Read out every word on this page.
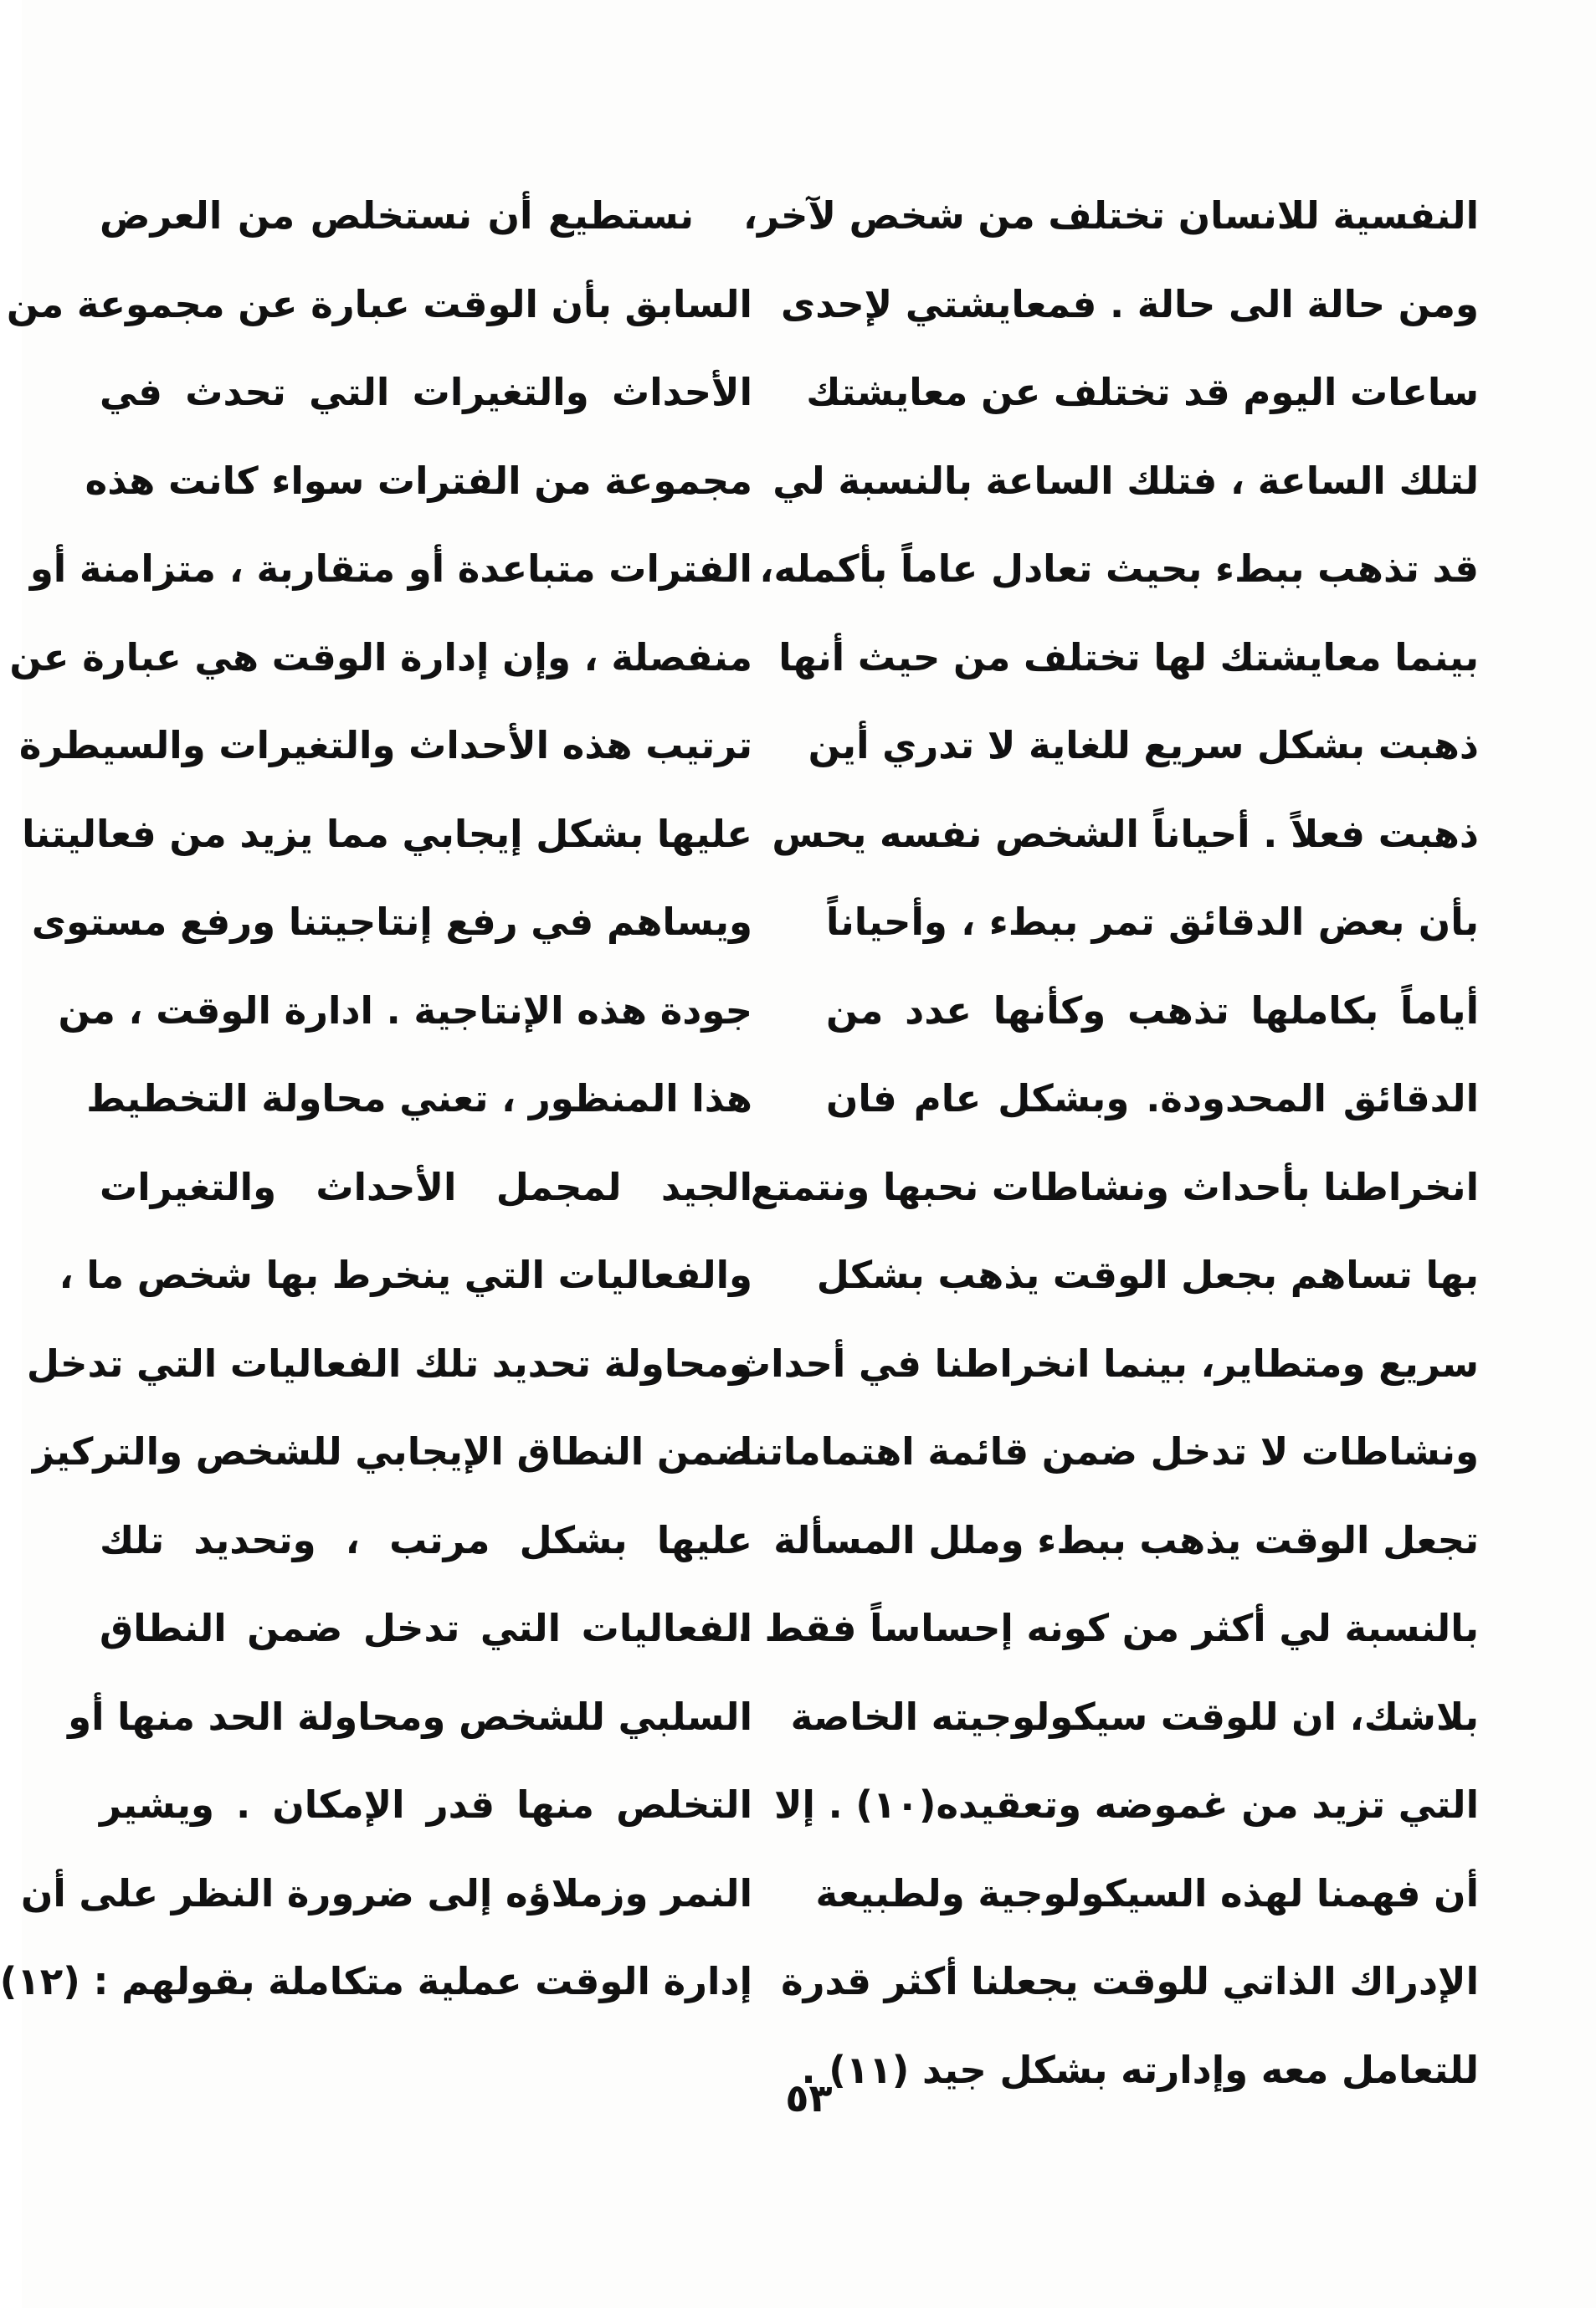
النفسية للانسان تختلف من شخص لآخر،
ومن حالة الى حالة . فمعايشتي لإحدى
ساعات اليوم قد تختلف عن معايشتك
لتلك الساعة ، فتلك الساعة بالنسبة لي
قد تذهب ببطء بحيث تعادل عاماً بأكمله،
بينما معايشتك لها تختلف من حيث أنها
ذهبت بشكل سريع للغاية لا تدري أين
ذهبت فعلاً . أحياناً الشخص نفسه يحس
بأن بعض الدقائق تمر ببطء ، وأحياناً
أياماً بكاملها تذهب وكأنها عدد من
الدقائق المحدودة. وبشكل عام فان
انخراطنا بأحداث ونشاطات نحبها ونتمتع
بها تساهم بجعل الوقت يذهب بشكل
سريع ومتطاير، بينما انخراطنا في أحداث
ونشاطات لا تدخل ضمن قائمة اهتماماتنا
تجعل الوقت يذهب ببطء وملل المسألة
بالنسبة لي أكثر من كونه إحساساً فقط .
بلاشك، ان للوقت سيكولوجيته الخاصة
التي تزيد من غموضه وتعقيده(١٠) . إلا
أن فهمنا لهذه السيكولوجية ولطبيعة
الإدراك الذاتي للوقت يجعلنا أكثر قدرة
للتعامل معه وإدارته بشكل جيد (١١) .
نستطيع أن نستخلص من العرض
السابق بأن الوقت عبارة عن مجموعة من
الأحداث والتغيرات التي تحدث في
مجموعة من الفترات سواء كانت هذه
الفترات متباعدة أو متقاربة ، متزامنة أو
منفصلة ، وإن إدارة الوقت هي عبارة عن
ترتيب هذه الأحداث والتغيرات والسيطرة
عليها بشكل إيجابي مما يزيد من فعاليتنا
ويساهم في رفع إنتاجيتنا ورفع مستوى
جودة هذه الإنتاجية . ادارة الوقت ، من
هذا المنظور ، تعني محاولة التخطيط
الجيد لمجمل الأحداث والتغيرات
والفعاليات التي ينخرط بها شخص ما ،
ومحاولة تحديد تلك الفعاليات التي تدخل
ضمن النطاق الإيجابي للشخص والتركيز
عليها بشكل مرتب ، وتحديد تلك
الفعاليات التي تدخل ضمن النطاق
السلبي للشخص ومحاولة الحد منها أو
التخلص منها قدر الإمكان . ويشير
النمر وزملاؤه إلى ضرورة النظر على أن
إدارة الوقت عملية متكاملة بقولهم : (١٢)
٥٣
